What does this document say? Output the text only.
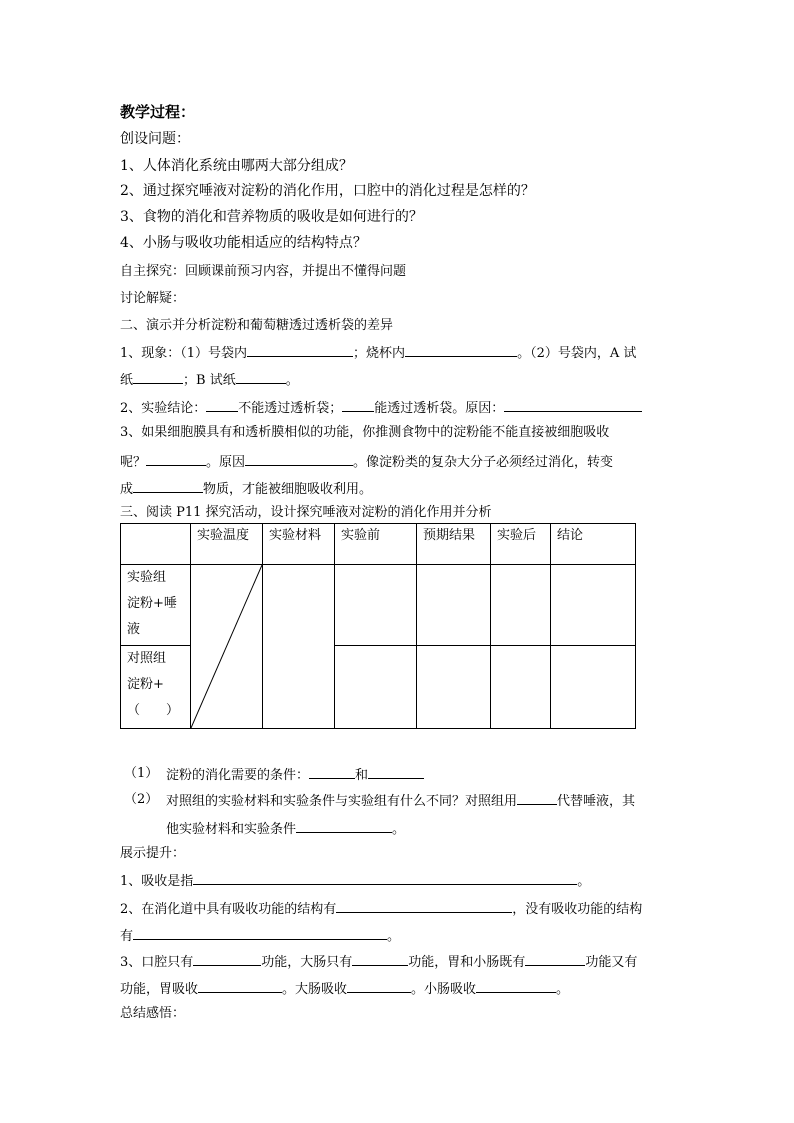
教学过程：
创设问题：
1、人体消化系统由哪两大部分组成？
2、通过探究唾液对淀粉的消化作用，口腔中的消化过程是怎样的？
3、食物的消化和营养物质的吸收是如何进行的？
4、小肠与吸收功能相适应的结构特点？
自主探究：回顾课前预习内容，并提出不懂得问题
讨论解疑：
二、演示并分析淀粉和葡萄糖透过透析袋的差异
1、现象：（1）号袋内	；烧杯内	。（2）号袋内，A 试
纸	；B 试纸	。
2、实验结论： 不能透过透析袋； 能透过透析袋。原因：
3、如果细胞膜具有和透析膜相似的功能，你推测食物中的淀粉能不能直接被细胞吸收
呢？	。原因	。像淀粉类的复杂大分子必须经过消化，转变
成	物质，才能被细胞吸收利用。
三、阅读 P11 探究活动，设计探究唾液对淀粉的消化作用并分析
	实验温度	实验材料	实验前	预期结果	实验后	结论

实验组
淀粉+唾
液

对照组
淀粉+
（　　）						

（1） 淀粉的消化需要的条件：	和
（2） 对照组的实验材料和实验条件与实验组有什么不同？对照组用	代替唾液，其
他实验材料和实验条件	。
展示提升：
1、吸收是指	。
2、在消化道中具有吸收功能的结构有	，没有吸收功能的结构
有	。
3、口腔只有	功能，大肠只有	功能，胃和小肠既有	功能又有
功能，胃吸收	。大肠吸收	。小肠吸收	。
总结感悟：
